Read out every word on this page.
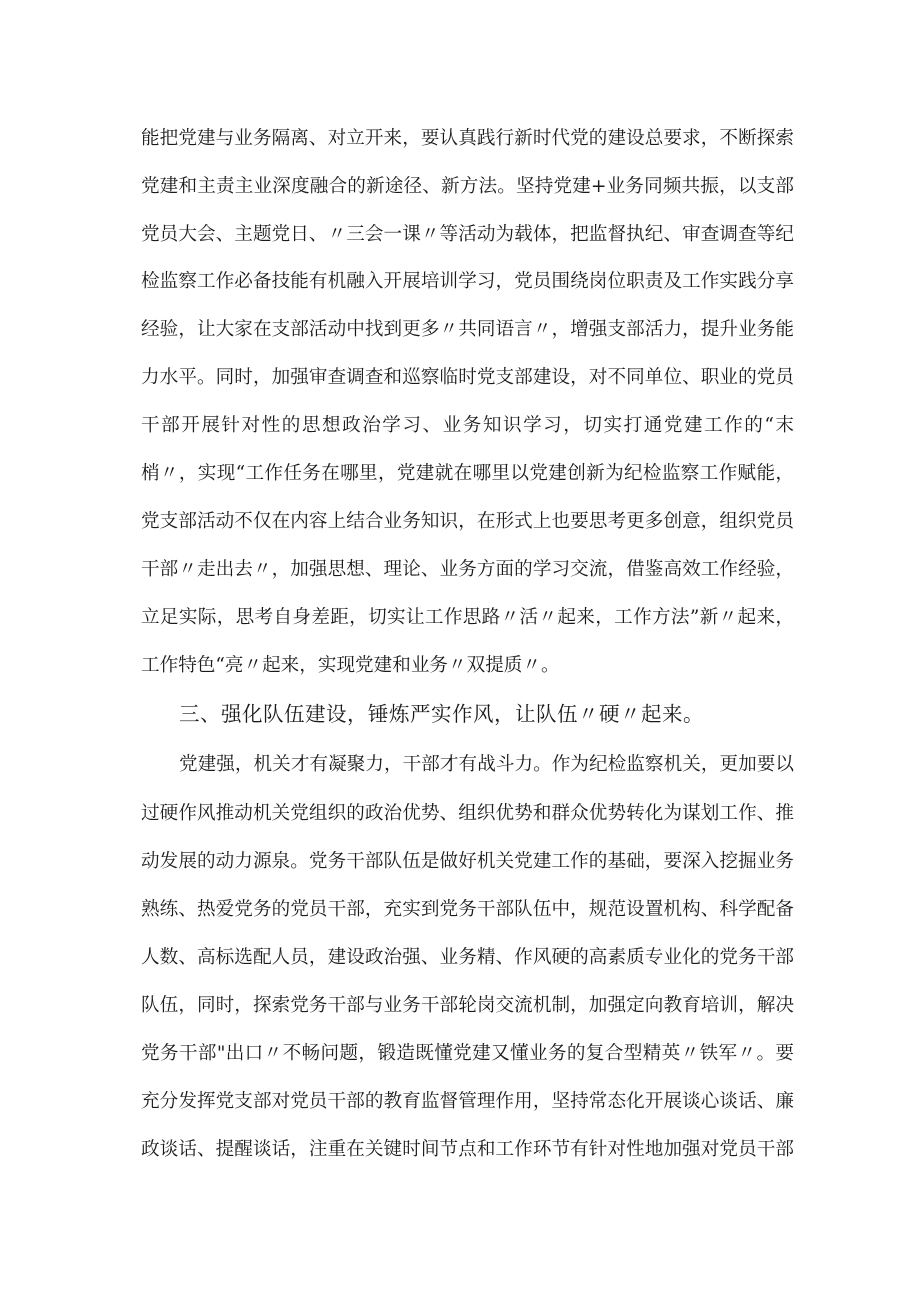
能把党建与业务隔离、对立开来，要认真践行新时代党的建设总要求，不断探索
党建和主责主业深度融合的新途径、新方法。坚持党建+业务同频共振，以支部
党员大会、主题党日、〃三会一课〃等活动为载体，把监督执纪、审查调查等纪
检监察工作必备技能有机融入开展培训学习，党员围绕岗位职责及工作实践分享
经验，让大家在支部活动中找到更多〃共同语言〃，增强支部活力，提升业务能
力水平。同时，加强审查调查和巡察临时党支部建设，对不同单位、职业的党员
干部开展针对性的思想政治学习、业务知识学习，切实打通党建工作的“末
梢〃，实现“工作任务在哪里，党建就在哪里以党建创新为纪检监察工作赋能，
党支部活动不仅在内容上结合业务知识，在形式上也要思考更多创意，组织党员
干部〃走出去〃，加强思想、理论、业务方面的学习交流，借鉴高效工作经验，
立足实际，思考自身差距，切实让工作思路〃活〃起来，工作方法”新〃起来，
工作特色“亮〃起来，实现党建和业务〃双提质〃。
三、强化队伍建设，锤炼严实作风，让队伍〃硬〃起来。
党建强，机关才有凝聚力，干部才有战斗力。作为纪检监察机关，更加要以
过硬作风推动机关党组织的政治优势、组织优势和群众优势转化为谋划工作、推
动发展的动力源泉。党务干部队伍是做好机关党建工作的基础，要深入挖掘业务
熟练、热爱党务的党员干部，充实到党务干部队伍中，规范设置机构、科学配备
人数、高标选配人员，建设政治强、业务精、作风硬的高素质专业化的党务干部
队伍，同时，探索党务干部与业务干部轮岗交流机制，加强定向教育培训，解决
党务干部"出口〃不畅问题，锻造既懂党建又懂业务的复合型精英〃铁军〃。要
充分发挥党支部对党员干部的教育监督管理作用，坚持常态化开展谈心谈话、廉
政谈话、提醒谈话，注重在关键时间节点和工作环节有针对性地加强对党员干部
